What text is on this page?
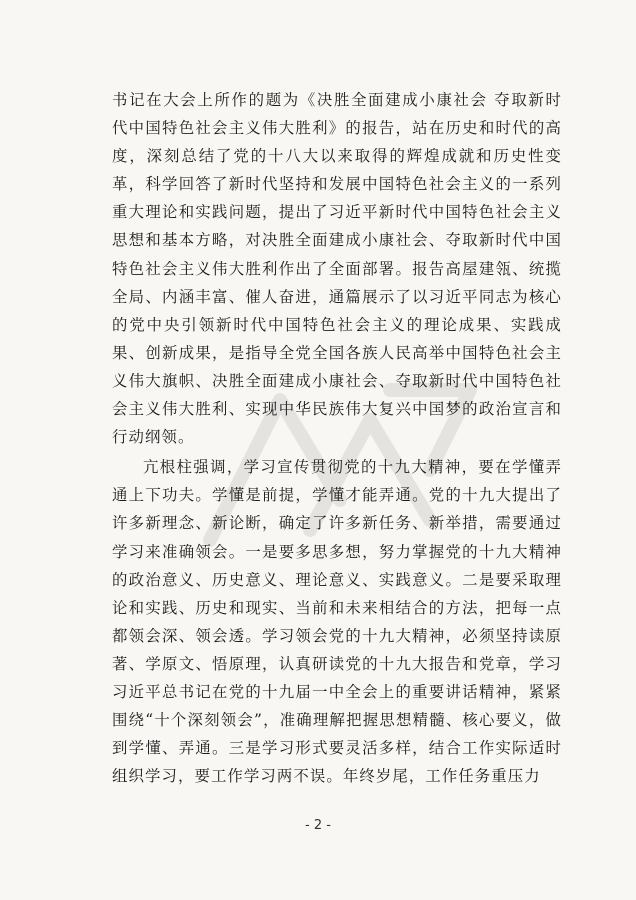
书记在大会上所作的题为《决胜全面建成小康社会 夺取新时代中国特色社会主义伟大胜利》的报告，站在历史和时代的高度，深刻总结了党的十八大以来取得的辉煌成就和历史性变革，科学回答了新时代坚持和发展中国特色社会主义的一系列重大理论和实践问题，提出了习近平新时代中国特色社会主义思想和基本方略，对决胜全面建成小康社会、夺取新时代中国特色社会主义伟大胜利作出了全面部署。报告高屋建瓴、统揽全局、内涵丰富、催人奋进，通篇展示了以习近平同志为核心的党中央引领新时代中国特色社会主义的理论成果、实践成果、创新成果，是指导全党全国各族人民高举中国特色社会主义伟大旗帜、决胜全面建成小康社会、夺取新时代中国特色社会主义伟大胜利、实现中华民族伟大复兴中国梦的政治宣言和行动纲领。

亢根柱强调，学习宣传贯彻党的十九大精神，要在学懂弄通上下功夫。学懂是前提，学懂才能弄通。党的十九大提出了许多新理念、新论断，确定了许多新任务、新举措，需要通过学习来准确领会。一是要多思多想，努力掌握党的十九大精神的政治意义、历史意义、理论意义、实践意义。二是要采取理论和实践、历史和现实、当前和未来相结合的方法，把每一点都领会深、领会透。学习领会党的十九大精神，必须坚持读原著、学原文、悟原理，认真研读党的十九大报告和党章，学习习近平总书记在党的十九届一中全会上的重要讲话精神，紧紧围绕“十个深刻领会”，准确理解把握思想精髓、核心要义，做到学懂、弄通。三是学习形式要灵活多样，结合工作实际适时组织学习，要工作学习两不误。年终岁尾，工作任务重压力

- 2 -
